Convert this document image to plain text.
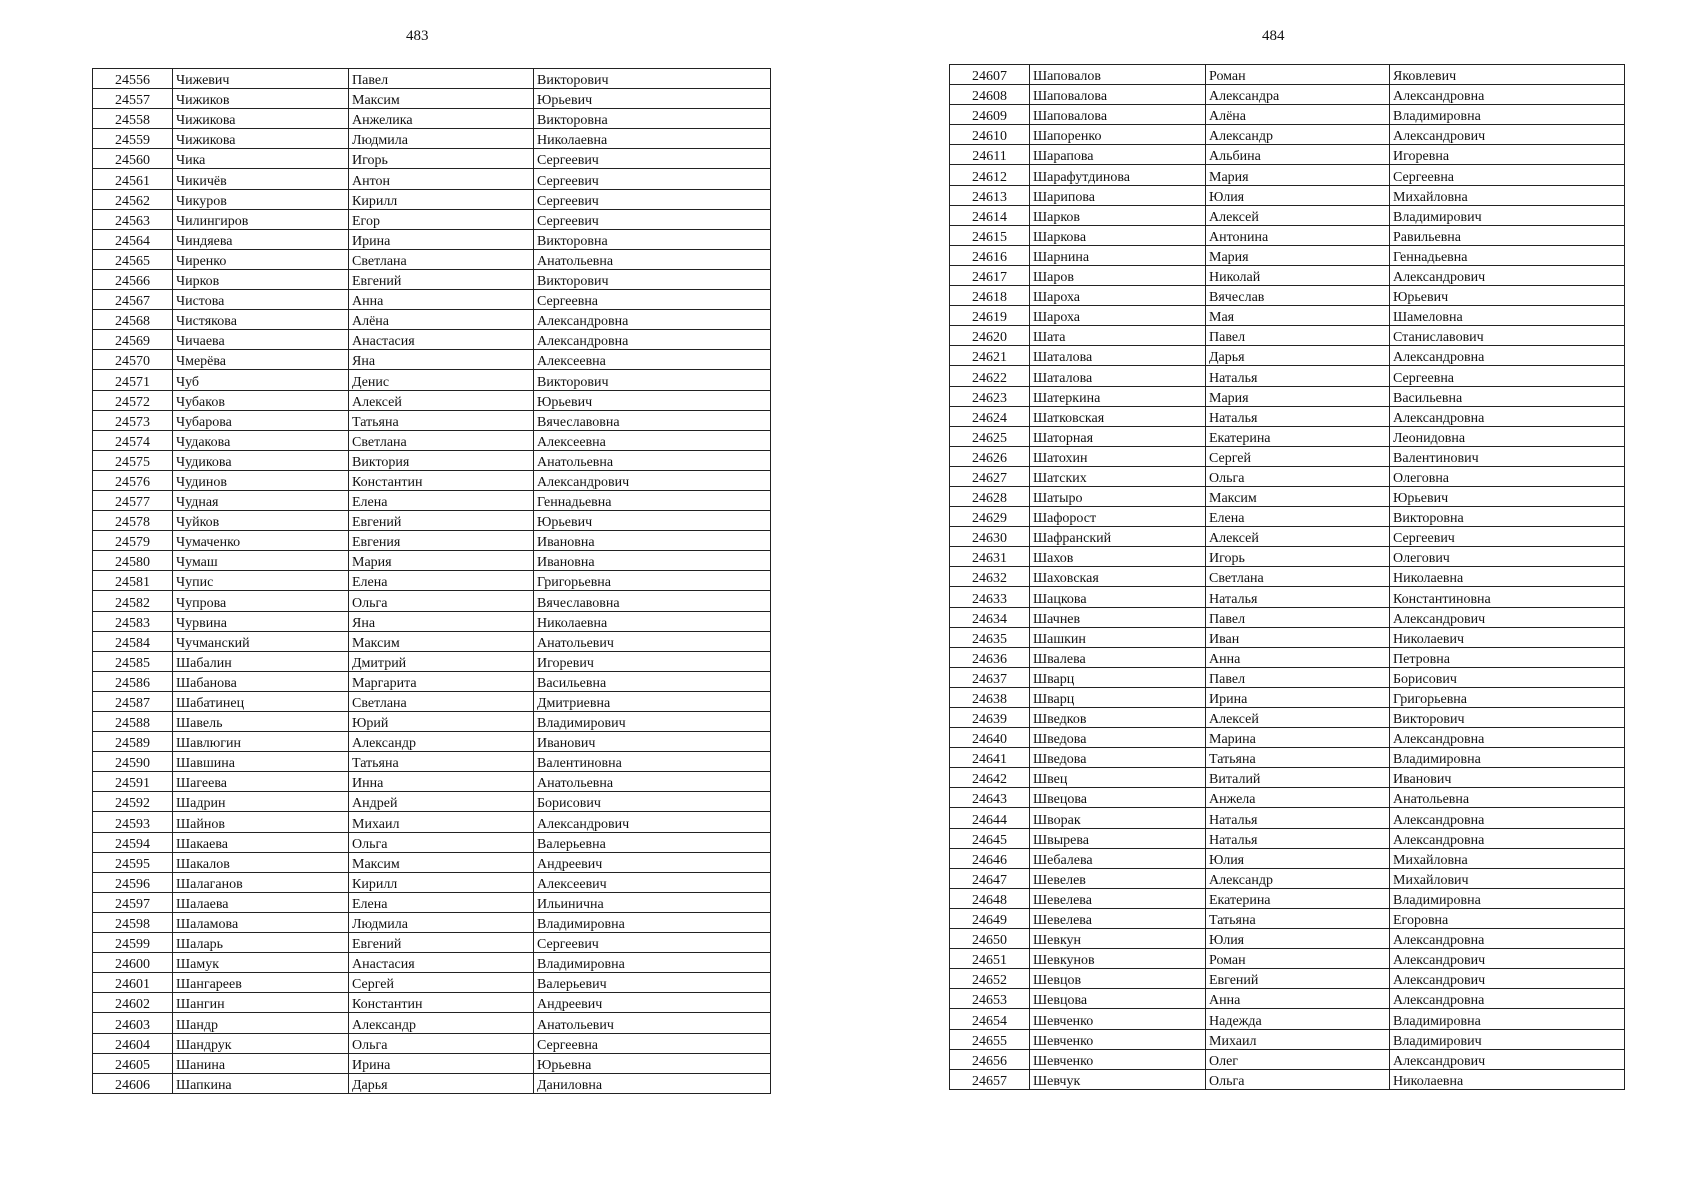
483	484
24556	Чижевич	Павел	Викторович
24557	Чижиков	Максим	Юрьевич
24558	Чижикова	Анжелика	Викторовна
24559	Чижикова	Людмила	Николаевна
24560	Чика	Игорь	Сергеевич
24561	Чикичёв	Антон	Сергеевич
24562	Чикуров	Кирилл	Сергеевич
24563	Чилингиров	Егор	Сергеевич
24564	Чиндяева	Ирина	Викторовна
24565	Чиренко	Светлана	Анатольевна
24566	Чирков	Евгений	Викторович
24567	Чистова	Анна	Сергеевна
24568	Чистякова	Алёна	Александровна
24569	Чичаева	Анастасия	Александровна
24570	Чмерёва	Яна	Алексеевна
24571	Чуб	Денис	Викторович
24572	Чубаков	Алексей	Юрьевич
24573	Чубарова	Татьяна	Вячеславовна
24574	Чудакова	Светлана	Алексеевна
24575	Чудикова	Виктория	Анатольевна
24576	Чудинов	Константин	Александрович
24577	Чудная	Елена	Геннадьевна
24578	Чуйков	Евгений	Юрьевич
24579	Чумаченко	Евгения	Ивановна
24580	Чумаш	Мария	Ивановна
24581	Чупис	Елена	Григорьевна
24582	Чупрова	Ольга	Вячеславовна
24583	Чурвина	Яна	Николаевна
24584	Чучманский	Максим	Анатольевич
24585	Шабалин	Дмитрий	Игоревич
24586	Шабанова	Маргарита	Васильевна
24587	Шабатинец	Светлана	Дмитриевна
24588	Шавель	Юрий	Владимирович
24589	Шавлюгин	Александр	Иванович
24590	Шавшина	Татьяна	Валентиновна
24591	Шагеева	Инна	Анатольевна
24592	Шадрин	Андрей	Борисович
24593	Шайнов	Михаил	Александрович
24594	Шакаева	Ольга	Валерьевна
24595	Шакалов	Максим	Андреевич
24596	Шалаганов	Кирилл	Алексеевич
24597	Шалаева	Елена	Ильинична
24598	Шаламова	Людмила	Владимировна
24599	Шаларь	Евгений	Сергеевич
24600	Шамук	Анастасия	Владимировна
24601	Шангареев	Сергей	Валерьевич
24602	Шангин	Константин	Андреевич
24603	Шандр	Александр	Анатольевич
24604	Шандрук	Ольга	Сергеевна
24605	Шанина	Ирина	Юрьевна
24606	Шапкина	Дарья	Даниловна
24607	Шаповалов	Роман	Яковлевич
24608	Шаповалова	Александра	Александровна
24609	Шаповалова	Алёна	Владимировна
24610	Шапоренко	Александр	Александрович
24611	Шарапова	Альбина	Игоревна
24612	Шарафутдинова	Мария	Сергеевна
24613	Шарипова	Юлия	Михайловна
24614	Шарков	Алексей	Владимирович
24615	Шаркова	Антонина	Равильевна
24616	Шарнина	Мария	Геннадьевна
24617	Шаров	Николай	Александрович
24618	Шароха	Вячеслав	Юрьевич
24619	Шароха	Мая	Шамеловна
24620	Шата	Павел	Станиславович
24621	Шаталова	Дарья	Александровна
24622	Шаталова	Наталья	Сергеевна
24623	Шатеркина	Мария	Васильевна
24624	Шатковская	Наталья	Александровна
24625	Шаторная	Екатерина	Леонидовна
24626	Шатохин	Сергей	Валентинович
24627	Шатских	Ольга	Олеговна
24628	Шатыро	Максим	Юрьевич
24629	Шафорост	Елена	Викторовна
24630	Шафранский	Алексей	Сергеевич
24631	Шахов	Игорь	Олегович
24632	Шаховская	Светлана	Николаевна
24633	Шацкова	Наталья	Константиновна
24634	Шачнев	Павел	Александрович
24635	Шашкин	Иван	Николаевич
24636	Швалева	Анна	Петровна
24637	Шварц	Павел	Борисович
24638	Шварц	Ирина	Григорьевна
24639	Шведков	Алексей	Викторович
24640	Шведова	Марина	Александровна
24641	Шведова	Татьяна	Владимировна
24642	Швец	Виталий	Иванович
24643	Швецова	Анжела	Анатольевна
24644	Шворак	Наталья	Александровна
24645	Швырева	Наталья	Александровна
24646	Шебалева	Юлия	Михайловна
24647	Шевелев	Александр	Михайлович
24648	Шевелева	Екатерина	Владимировна
24649	Шевелева	Татьяна	Егоровна
24650	Шевкун	Юлия	Александровна
24651	Шевкунов	Роман	Александрович
24652	Шевцов	Евгений	Александрович
24653	Шевцова	Анна	Александровна
24654	Шевченко	Надежда	Владимировна
24655	Шевченко	Михаил	Владимирович
24656	Шевченко	Олег	Александрович
24657	Шевчук	Ольга	Николаевна
